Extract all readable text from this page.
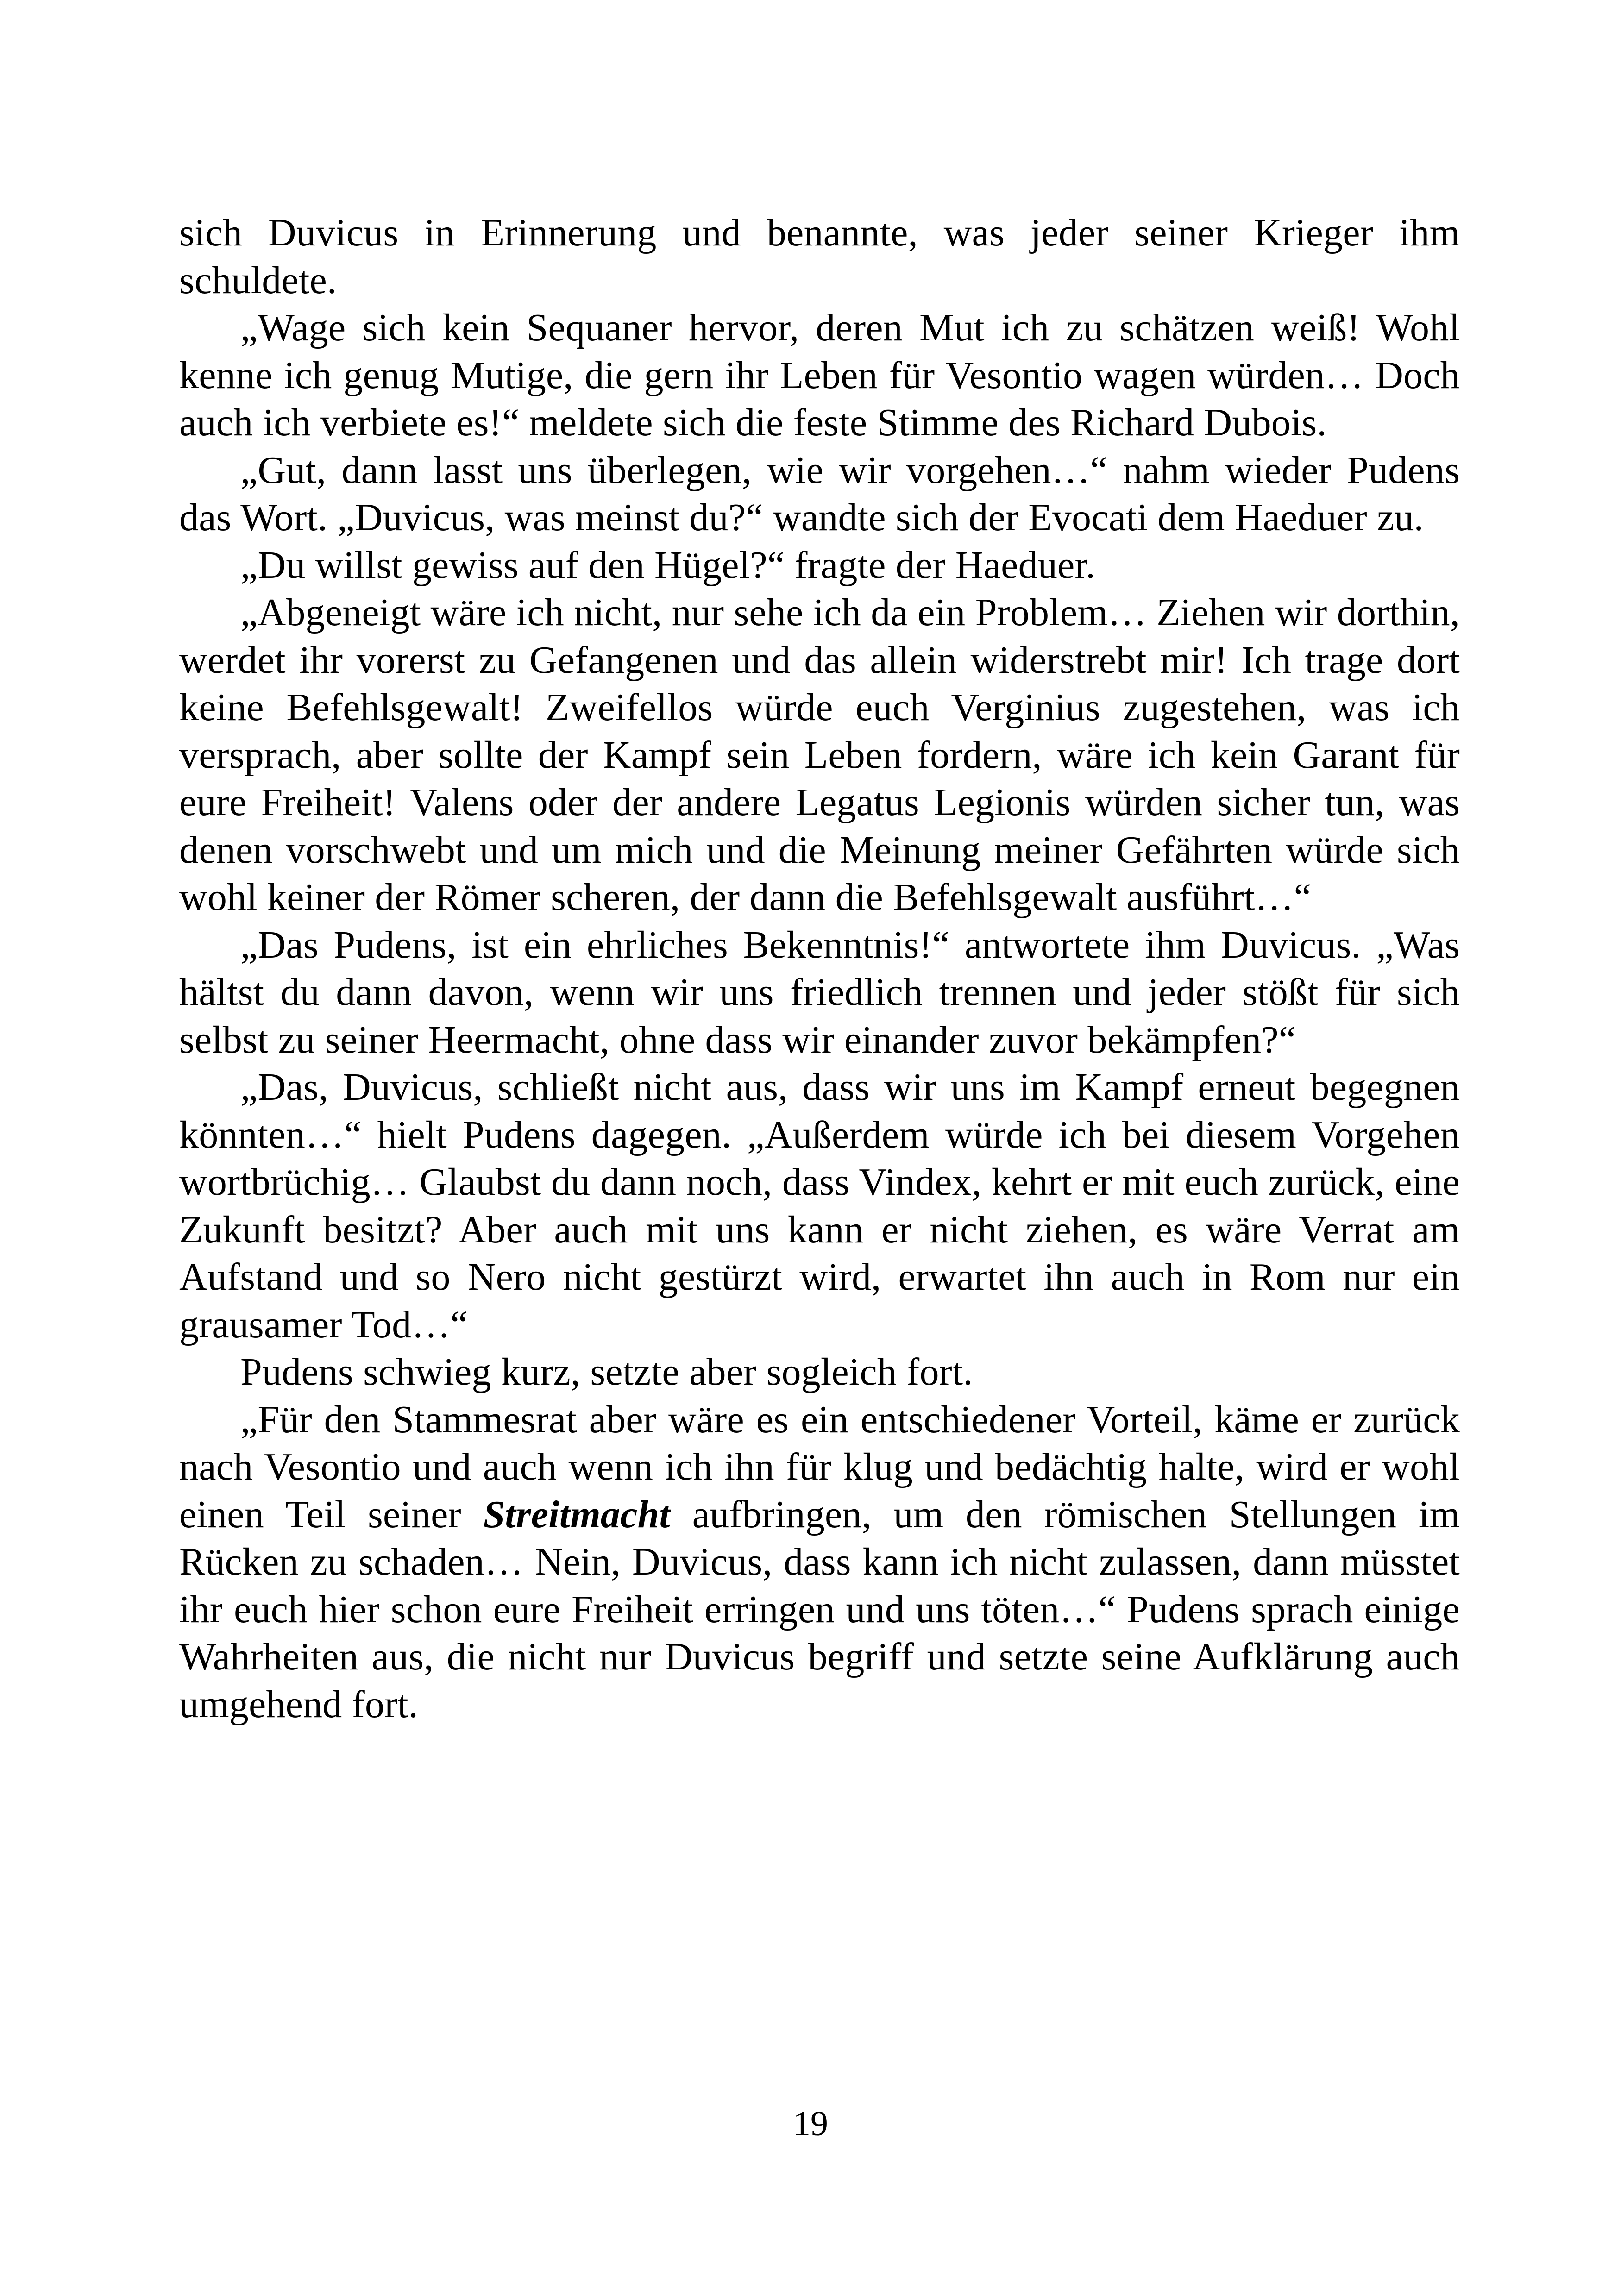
sich Duvicus in Erinnerung und benannte, was jeder seiner Krieger ihm schuldete.

„Wage sich kein Sequaner hervor, deren Mut ich zu schätzen weiß! Wohl kenne ich genug Mutige, die gern ihr Leben für Vesontio wagen würden… Doch auch ich verbiete es!“ meldete sich die feste Stimme des Richard Dubois.

„Gut, dann lasst uns überlegen, wie wir vorgehen…“ nahm wieder Pudens das Wort. „Duvicus, was meinst du?“ wandte sich der Evocati dem Haeduer zu.

„Du willst gewiss auf den Hügel?“ fragte der Haeduer.

„Abgeneigt wäre ich nicht, nur sehe ich da ein Problem… Ziehen wir dorthin, werdet ihr vorerst zu Gefangenen und das allein widerstrebt mir! Ich trage dort keine Befehlsgewalt! Zweifellos würde euch Verginius zugestehen, was ich versprach, aber sollte der Kampf sein Leben fordern, wäre ich kein Garant für eure Freiheit! Valens oder der andere Legatus Legionis würden sicher tun, was denen vorschwebt und um mich und die Meinung meiner Gefährten würde sich wohl keiner der Römer scheren, der dann die Befehlsgewalt ausführt…“

„Das Pudens, ist ein ehrliches Bekenntnis!“ antwortete ihm Duvicus. „Was hältst du dann davon, wenn wir uns friedlich trennen und jeder stößt für sich selbst zu seiner Heermacht, ohne dass wir einander zuvor bekämpfen?“

„Das, Duvicus, schließt nicht aus, dass wir uns im Kampf erneut begegnen könnten…“ hielt Pudens dagegen. „Außerdem würde ich bei diesem Vorgehen wortbrüchig… Glaubst du dann noch, dass Vindex, kehrt er mit euch zurück, eine Zukunft besitzt? Aber auch mit uns kann er nicht ziehen, es wäre Verrat am Aufstand und so Nero nicht gestürzt wird, erwartet ihn auch in Rom nur ein grausamer Tod…“

Pudens schwieg kurz, setzte aber sogleich fort.

„Für den Stammesrat aber wäre es ein entschiedener Vorteil, käme er zurück nach Vesontio und auch wenn ich ihn für klug und bedächtig halte, wird er wohl einen Teil seiner Streitmacht aufbringen, um den römischen Stellungen im Rücken zu schaden… Nein, Duvicus, dass kann ich nicht zulassen, dann müsstet ihr euch hier schon eure Freiheit erringen und uns töten…“ Pudens sprach einige Wahrheiten aus, die nicht nur Duvicus begriff und setzte seine Aufklärung auch umgehend fort.

19
